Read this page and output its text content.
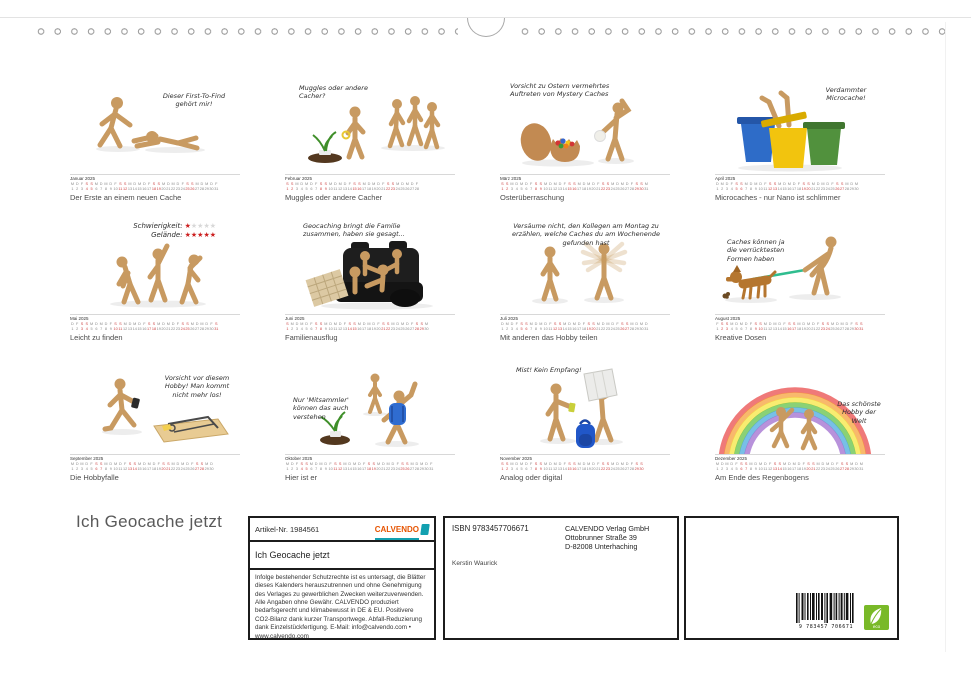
Dieser First-To-Find gehört mir!
Januar 2025
M D F S S M D M D F S S M D M D F S S M D M D F S S M D M D F
1 2 3 4 5 6 7 8 9 10 11 12 13 14 15 16 17 18 19 20 21 22 23 24 25 26 27 28 29 30 31
Der Erste an einem neuen Cache
Muggles oder andere Cacher?
Februar 2025
S S M D M D F S S M D M D F S S M D M D F S S M D M D F
1 2 3 4 5 6 7 8 9 10 11 12 13 14 15 16 17 18 19 20 21 22 23 24 25 26 27 28
Muggles oder andere Cacher
Vorsicht zu Ostern vermehrtes Auftreten von Mystery Caches
März 2025
S S M D M D F S S M D M D F S S M D M D F S S M D M D F S S M
1 2 3 4 5 6 7 8 9 10 11 12 13 14 15 16 17 18 19 20 21 22 23 24 25 26 27 28 29 30 31
Osterüberraschung
Verdammter Microcache!
April 2025
D M D F S S M D M D F S S M D M D F S S M D M D F S S M D M
1 2 3 4 5 6 7 8 9 10 11 12 13 14 15 16 17 18 19 20 21 22 23 24 25 26 27 28 29 30
Microcaches - nur Nano ist schlimmer
Schwierigkeit: ★★★★★
Gelände: ★★★★★
Mai 2025
D F S S M D M D F S S M D M D F S S M D M D F S S M D M D F S
1 2 3 4 5 6 7 8 9 10 11 12 13 14 15 16 17 18 19 20 21 22 23 24 25 26 27 28 29 30 31
Leicht zu finden
Geocaching bringt die Familie zusammen, haben sie gesagt...
Juni 2025
S M D M D F S S M D M D F S S M D M D F S S M D M D F S S M
1 2 3 4 5 6 7 8 9 10 11 12 13 14 15 16 17 18 19 20 21 22 23 24 25 26 27 28 29 30
Familienausflug
Versäume nicht, den Kollegen am Montag zu erzählen, welche Caches du am Wochenende gefunden hast
Juli 2025
D M D F S S M D M D F S S M D M D F S S M D M D F S S M D M D
1 2 3 4 5 6 7 8 9 10 11 12 13 14 15 16 17 18 19 20 21 22 23 24 25 26 27 28 29 30 31
Mit anderen das Hobby teilen
Caches können ja die verrücktesten Formen haben
August 2025
F S S M D M D F S S M D M D F S S M D M D F S S M D M D F S S
1 2 3 4 5 6 7 8 9 10 11 12 13 14 15 16 17 18 19 20 21 22 23 24 25 26 27 28 29 30 31
Kreative Dosen
Vorsicht vor diesem Hobby! Man kommt nicht mehr los!
September 2025
M D M D F S S M D M D F S S M D M D F S S M D M D F S S M D
1 2 3 4 5 6 7 8 9 10 11 12 13 14 15 16 17 18 19 20 21 22 23 24 25 26 27 28 29 30
Die Hobbyfalle
Nur 'Mitsammler' können das auch verstehen
Oktober 2025
M D F S S M D M D F S S M D M D F S S M D M D F S S M D M D F
1 2 3 4 5 6 7 8 9 10 11 12 13 14 15 16 17 18 19 20 21 22 23 24 25 26 27 28 29 30 31
Hier ist er
Mist! Kein Empfang!
November 2025
S S M D M D F S S M D M D F S S M D M D F S S M D M D F S S
1 2 3 4 5 6 7 8 9 10 11 12 13 14 15 16 17 18 19 20 21 22 23 24 25 26 27 28 29 30
Analog oder digital
Das schönste Hobby der Welt
Dezember 2025
M D M D F S S M D M D F S S M D M D F S S M D M D F S S M D M
1 2 3 4 5 6 7 8 9 10 11 12 13 14 15 16 17 18 19 20 21 22 23 24 25 26 27 28 29 30 31
Am Ende des Regenbogens
Ich Geocache jetzt	Artikel-Nr. 1984561	CALVENDO
Ich Geocache jetzt
Infolge bestehender Schutzrechte ist es untersagt, die Blätter dieses Kalenders herauszutrennen und ohne Genehmigung des Verlages zu gewerblichen Zwecken weiterzuverwenden. Alle Angaben ohne Gewähr. CALVENDO produziert bedarfsgerecht und klimabewusst in DE & EU. Positivere CO2-Bilanz dank kurzer Transportwege. Abfall-Reduzierung dank Einzelstückfertigung. E-Mail: info@calvendo.com • www.calvendo.com
ISBN 9783457706671	CALVENDO Verlag GmbH
Ottobrunner Straße 39
D-82008 Unterhaching
Kerstin Waurick
9 783457 706671	eco
